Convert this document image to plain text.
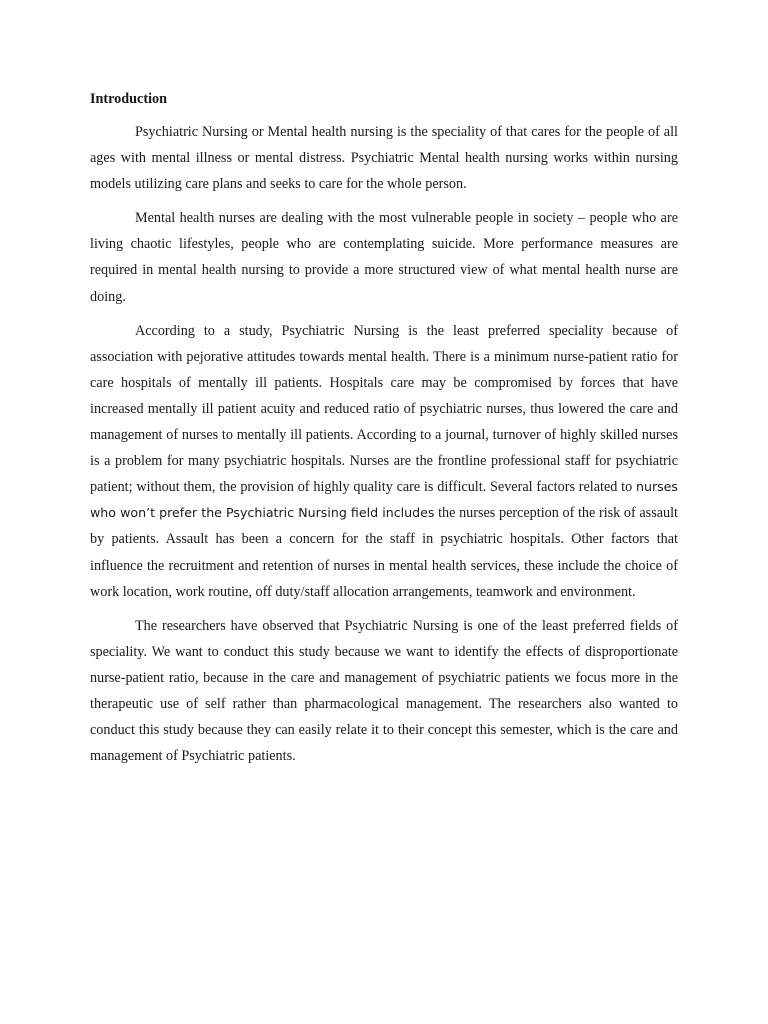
Introduction

Psychiatric Nursing or Mental health nursing is the speciality of that cares for the people of all ages with mental illness or mental distress. Psychiatric Mental health nursing works within nursing models utilizing care plans and seeks to care for the whole person.

Mental health nurses are dealing with the most vulnerable people in society – people who are living chaotic lifestyles, people who are contemplating suicide. More performance measures are required in mental health nursing to provide a more structured view of what mental health nurse are doing.

According to a study, Psychiatric Nursing is the least preferred speciality because of association with pejorative attitudes towards mental health. There is a minimum nurse-patient ratio for care hospitals of mentally ill patients. Hospitals care may be compromised by forces that have increased mentally ill patient acuity and reduced ratio of psychiatric nurses, thus lowered the care and management of nurses to mentally ill patients. According to a journal, turnover of highly skilled nurses is a problem for many psychiatric hospitals. Nurses are the frontline professional staff for psychiatric patient; without them, the provision of highly quality care is difficult. Several factors related to nurses who won’t prefer the Psychiatric Nursing field includes the nurses perception of the risk of assault by patients. Assault has been a concern for the staff in psychiatric hospitals. Other factors that influence the recruitment and retention of nurses in mental health services, these include the choice of work location, work routine, off duty/staff allocation arrangements, teamwork and environment.

The researchers have observed that Psychiatric Nursing is one of the least preferred fields of speciality. We want to conduct this study because we want to identify the effects of disproportionate nurse-patient ratio, because in the care and management of psychiatric patients we focus more in the therapeutic use of self rather than pharmacological management. The researchers also wanted to conduct this study because they can easily relate it to their concept this semester, which is the care and management of Psychiatric patients.
